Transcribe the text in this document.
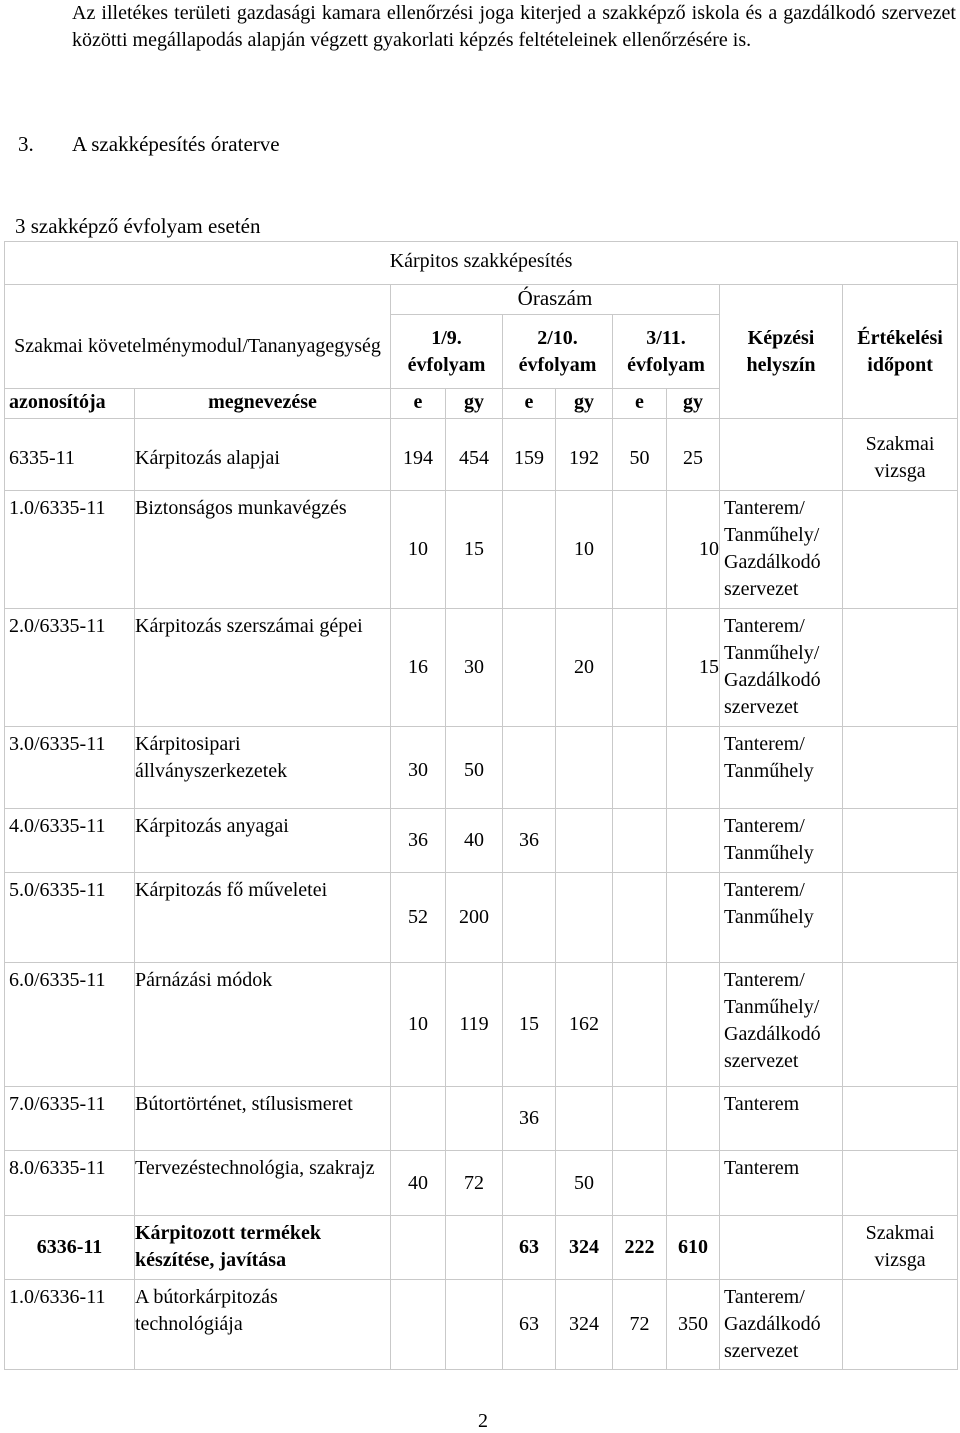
Az illetékes területi gazdasági kamara ellenőrzési joga kiterjed a szakképző iskola és a gazdálkodó szervezet közötti megállapodás alapján végzett gyakorlati képzés feltételeinek ellenőrzésére is.
3. A szakképesítés óraterve
3 szakképző évfolyam esetén
Kárpitos szakképesítés									
Szakmai követelménymodul/Tananyagegység		Óraszám						Képzési helyszín	Értékelési időpont
		1/9. évfolyam		2/10. évfolyam		3/11. évfolyam			
azonosítója	megnevezése	e	gy	e	gy	e	gy		
6335-11	Kárpitozás alapjai	194	454	159	192	50	25		Szakmai vizsga
1.0/6335-11	Biztonságos munkavégzés	10	15		10		10	Tanterem/ Tanműhely/ Gazdálkodó szervezet	
2.0/6335-11	Kárpitozás szerszámai gépei	16	30		20		15	Tanterem/ Tanműhely/ Gazdálkodó szervezet	
3.0/6335-11	Kárpitosipari állványszerkezetek	30	50					Tanterem/ Tanműhely	
4.0/6335-11	Kárpitozás anyagai	36	40	36				Tanterem/ Tanműhely	
5.0/6335-11	Kárpitozás fő műveletei	52	200					Tanterem/ Tanműhely	
6.0/6335-11	Párnázási módok	10	119	15	162			Tanterem/ Tanműhely/ Gazdálkodó szervezet	
7.0/6335-11	Bútortörténet, stílusismeret			36				Tanterem	
8.0/6335-11	Tervezéstechnológia, szakrajz	40	72		50			Tanterem	
6336-11	Kárpitozott termékek készítése, javítása			63	324	222	610		Szakmai vizsga
1.0/6336-11	A bútorkárpitozás technológiája			63	324	72	350	Tanterem/ Gazdálkodó szervezet	
2
